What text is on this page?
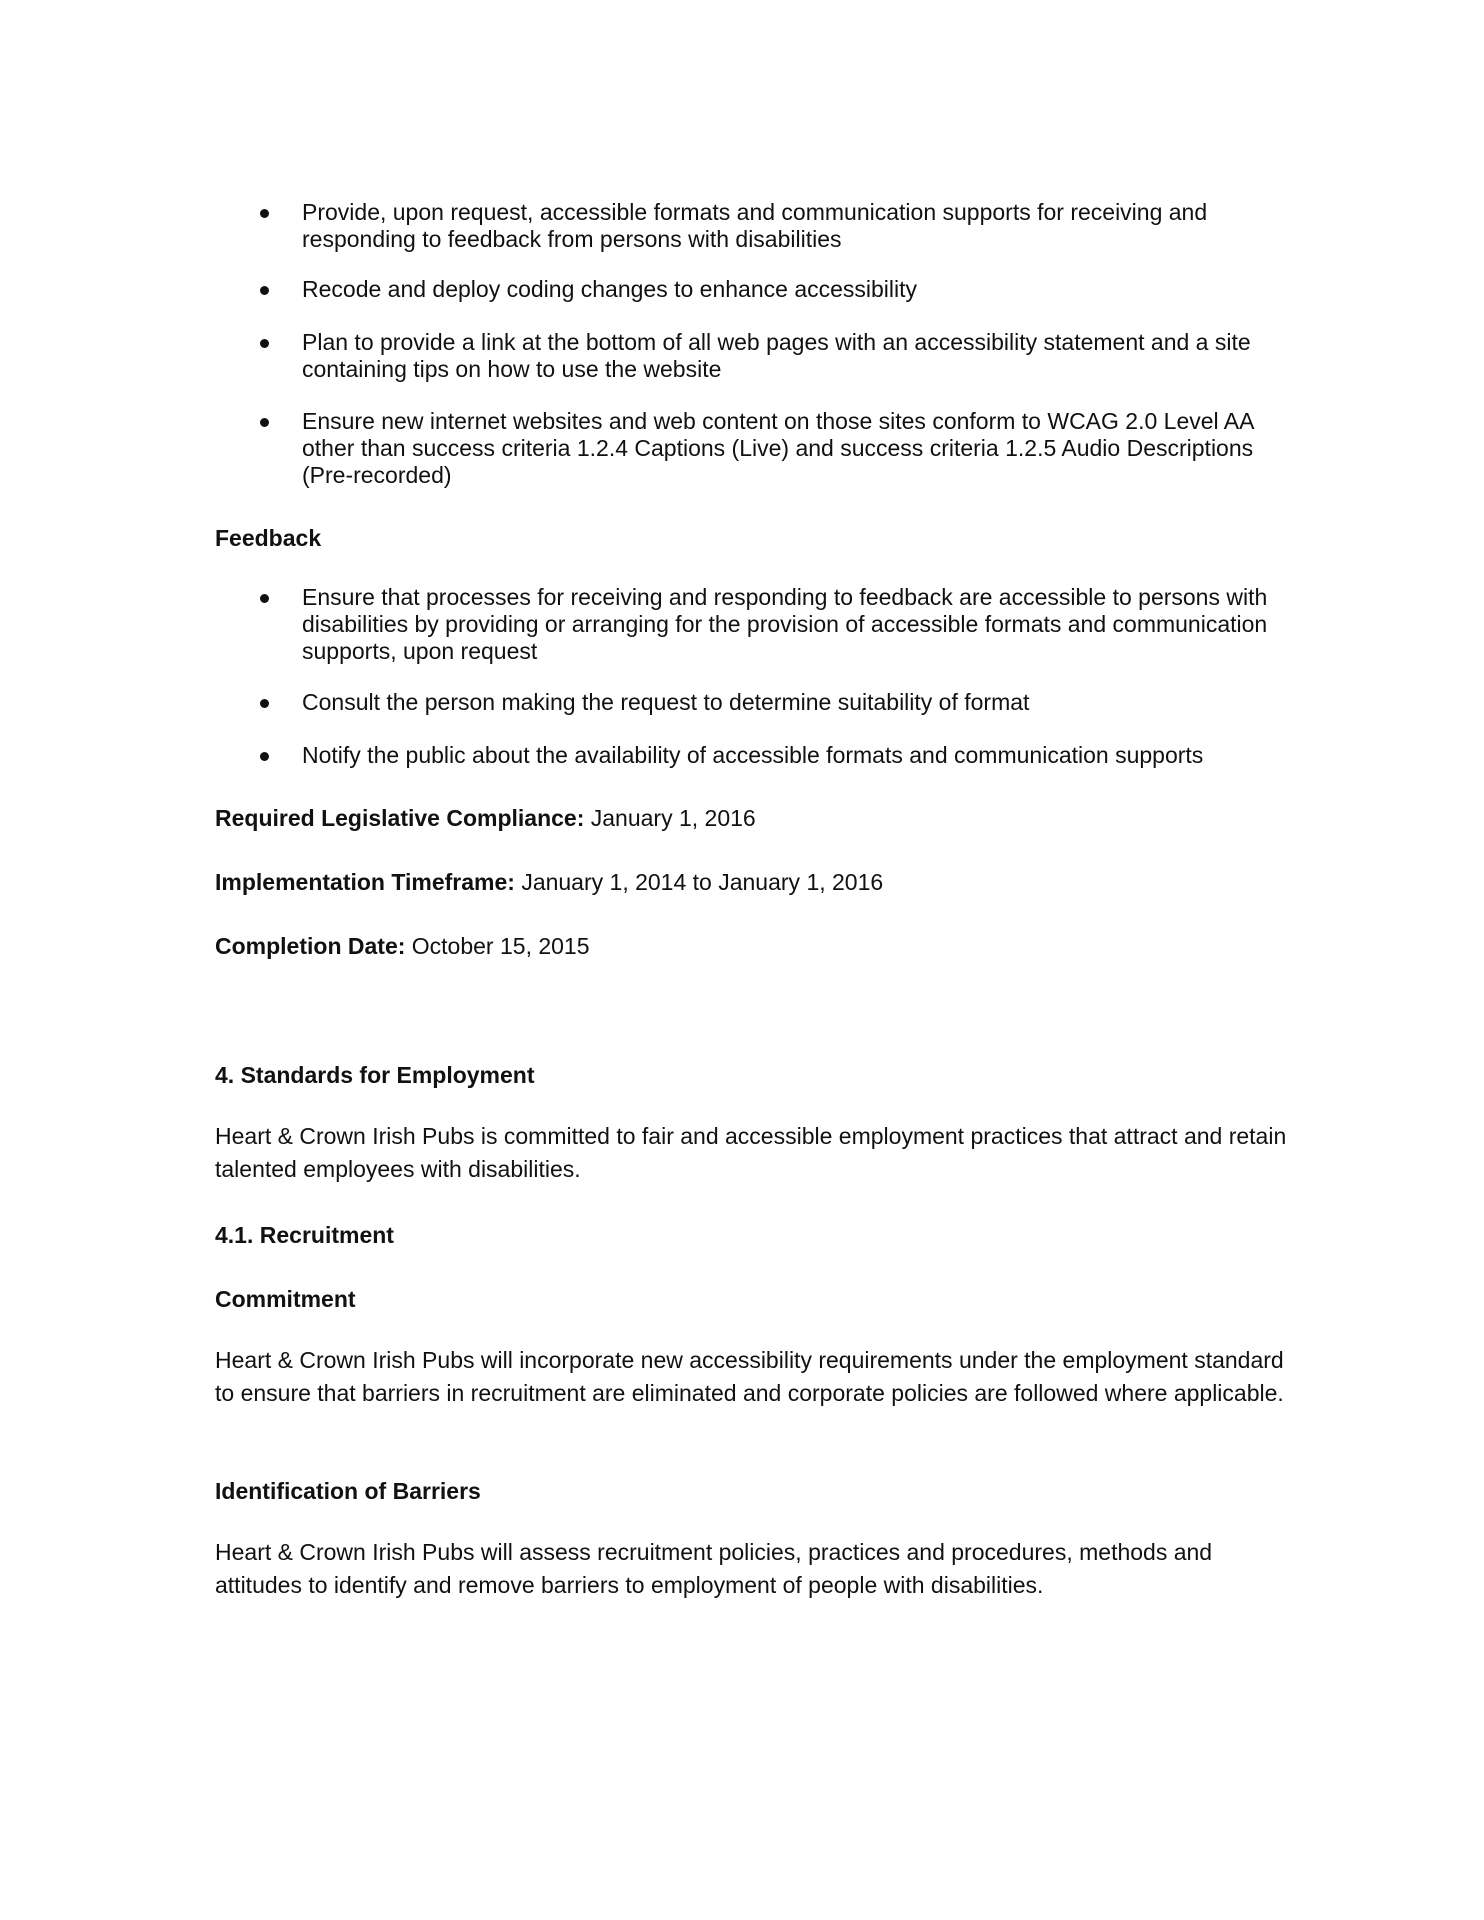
Provide, upon request, accessible formats and communication supports for receiving and responding to feedback from persons with disabilities
Recode and deploy coding changes to enhance accessibility
Plan to provide a link at the bottom of all web pages with an accessibility statement and a site containing tips on how to use the website
Ensure new internet websites and web content on those sites conform to WCAG 2.0 Level AA other than success criteria 1.2.4 Captions (Live) and success criteria 1.2.5 Audio Descriptions (Pre-recorded)

Feedback

Ensure that processes for receiving and responding to feedback are accessible to persons with disabilities by providing or arranging for the provision of accessible formats and communication supports, upon request
Consult the person making the request to determine suitability of format
Notify the public about the availability of accessible formats and communication supports

Required Legislative Compliance: January 1, 2016

Implementation Timeframe: January 1, 2014 to January 1, 2016

Completion Date: October 15, 2015

4. Standards for Employment

Heart & Crown Irish Pubs is committed to fair and accessible employment practices that attract and retain talented employees with disabilities.

4.1. Recruitment

Commitment

Heart & Crown Irish Pubs will incorporate new accessibility requirements under the employment standard to ensure that barriers in recruitment are eliminated and corporate policies are followed where applicable.

Identification of Barriers

Heart & Crown Irish Pubs will assess recruitment policies, practices and procedures, methods and attitudes to identify and remove barriers to employment of people with disabilities.
